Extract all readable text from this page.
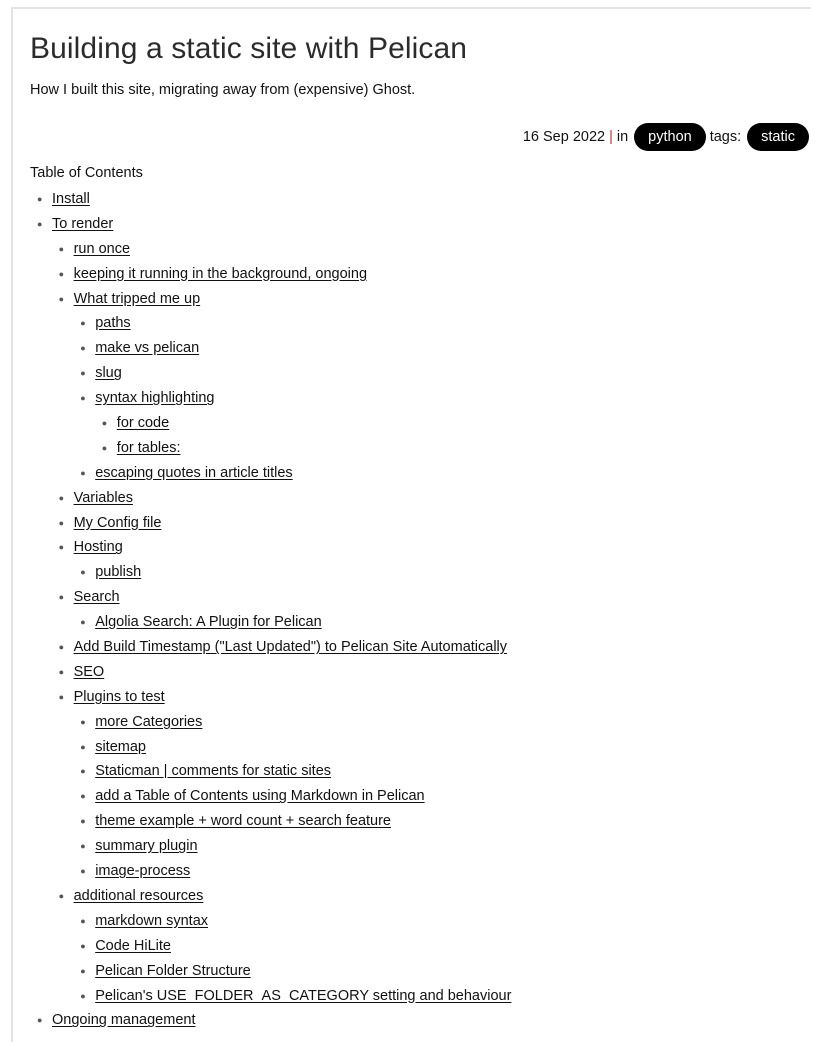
Building a static site with Pelican
How I built this site, migrating away from (expensive) Ghost.
16 Sep 2022 | in	python	tags:	static
Table of Contents
● Install
● To render
● run once
● keeping it running in the background, ongoing
● What tripped me up
● paths
● make vs pelican
● slug
● syntax highlighting
● for code
● for tables:
● escaping quotes in article titles
● Variables
● My Config file
● Hosting
● publish
● Search
● Algolia Search: A Plugin for Pelican
● Add Build Timestamp ("Last Updated") to Pelican Site Automatically
● SEO
● Plugins to test
● more Categories
● sitemap
● Staticman | comments for static sites
● add a Table of Contents using Markdown in Pelican
● theme example + word count + search feature
● summary plugin
● image-process
● additional resources
● markdown syntax
● Code HiLite
● Pelican Folder Structure
● Pelican's USE_FOLDER_AS_CATEGORY setting and behaviour
● Ongoing management
